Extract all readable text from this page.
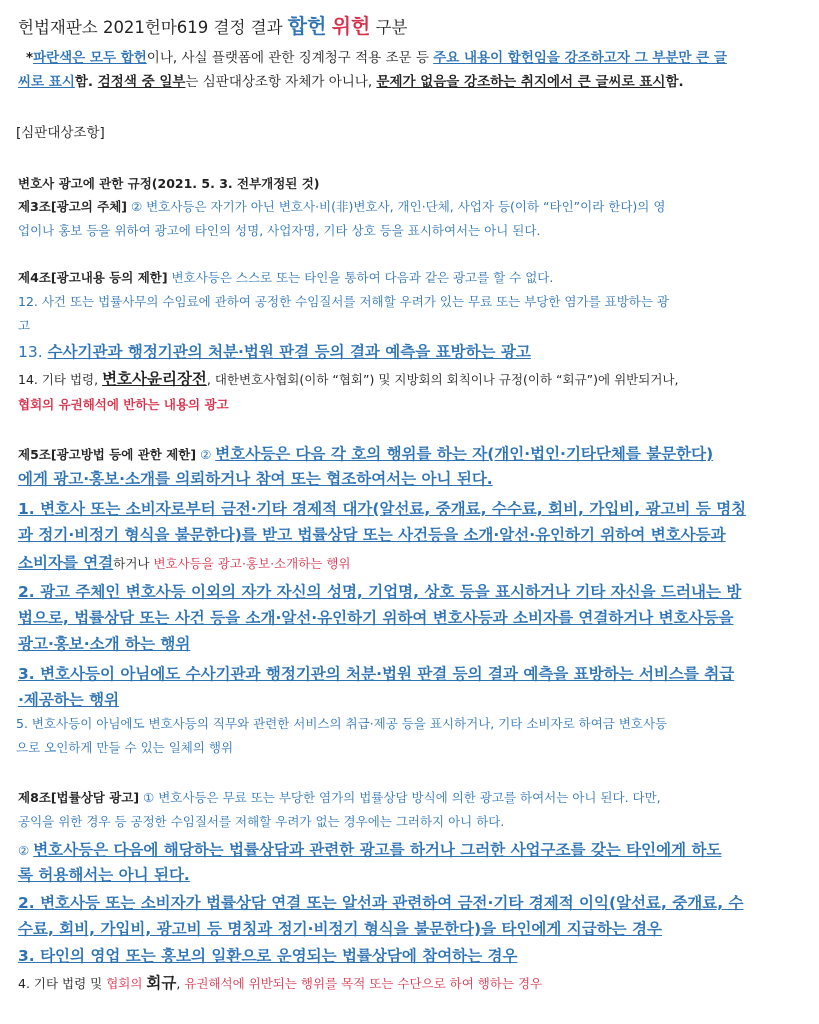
헌법재판소 2021헌마619 결정 결과 합헌 위헌 구분
*파란색은 모두 합헌이나, 사실 플랫폼에 관한 징계청구 적용 조문 등 주요 내용이 합헌임을 강조하고자 그 부분만 큰 글
씨로 표시함. 검정색 중 일부는 심판대상조항 자체가 아니나, 문제가 없음을 강조하는 취지에서 큰 글씨로 표시함.
[심판대상조항]
변호사 광고에 관한 규정(2021. 5. 3. 전부개정된 것)
제3조[광고의 주체] ② 변호사등은 자기가 아닌 변호사·비(非)변호사, 개인·단체, 사업자 등(이하 “타인”이라 한다)의 영
업이나 홍보 등을 위하여 광고에 타인의 성명, 사업자명, 기타 상호 등을 표시하여서는 아니 된다.
제4조[광고내용 등의 제한] 변호사등은 스스로 또는 타인을 통하여 다음과 같은 광고를 할 수 없다.
12. 사건 또는 법률사무의 수임료에 관하여 공정한 수임질서를 저해할 우려가 있는 무료 또는 부당한 염가를 표방하는 광
고
13. 수사기관과 행정기관의 처분·법원 판결 등의 결과 예측을 표방하는 광고
14. 기타 법령, 변호사윤리장전, 대한변호사협회(이하 “협회”) 및 지방회의 회칙이나 규정(이하 “회규”)에 위반되거나,
협회의 유권해석에 반하는 내용의 광고
제5조[광고방법 등에 관한 제한] ② 변호사등은 다음 각 호의 행위를 하는 자(개인·법인·기타단체를 불문한다)
에게 광고·홍보·소개를 의뢰하거나 참여 또는 협조하여서는 아니 된다.
1. 변호사 또는 소비자로부터 금전·기타 경제적 대가(알선료, 중개료, 수수료, 회비, 가입비, 광고비 등 명칭
과 정기·비정기 형식을 불문한다)를 받고 법률상담 또는 사건등을 소개·알선·유인하기 위하여 변호사등과
소비자를 연결하거나 변호사등을 광고·홍보·소개하는 행위
2. 광고 주체인 변호사등 이외의 자가 자신의 성명, 기업명, 상호 등을 표시하거나 기타 자신을 드러내는 방
법으로, 법률상담 또는 사건 등을 소개·알선·유인하기 위하여 변호사등과 소비자를 연결하거나 변호사등을
광고·홍보·소개 하는 행위
3. 변호사등이 아님에도 수사기관과 행정기관의 처분·법원 판결 등의 결과 예측을 표방하는 서비스를 취급
·제공하는 행위
5. 변호사등이 아님에도 변호사등의 직무와 관련한 서비스의 취급·제공 등을 표시하거나, 기타 소비자로 하여금 변호사등
으로 오인하게 만들 수 있는 일체의 행위
제8조[법률상담 광고] ① 변호사등은 무료 또는 부당한 염가의 법률상담 방식에 의한 광고를 하여서는 아니 된다. 다만,
공익을 위한 경우 등 공정한 수임질서를 저해할 우려가 없는 경우에는 그러하지 아니 하다.
② 변호사등은 다음에 해당하는 법률상담과 관련한 광고를 하거나 그러한 사업구조를 갖는 타인에게 하도
록 허용해서는 아니 된다.
2. 변호사등 또는 소비자가 법률상담 연결 또는 알선과 관련하여 금전·기타 경제적 이익(알선료, 중개료, 수
수료, 회비, 가입비, 광고비 등 명칭과 정기·비정기 형식을 불문한다)을 타인에게 지급하는 경우
3. 타인의 영업 또는 홍보의 일환으로 운영되는 법률상담에 참여하는 경우
4. 기타 법령 및 협회의 회규, 유권해석에 위반되는 행위를 목적 또는 수단으로 하여 행하는 경우
